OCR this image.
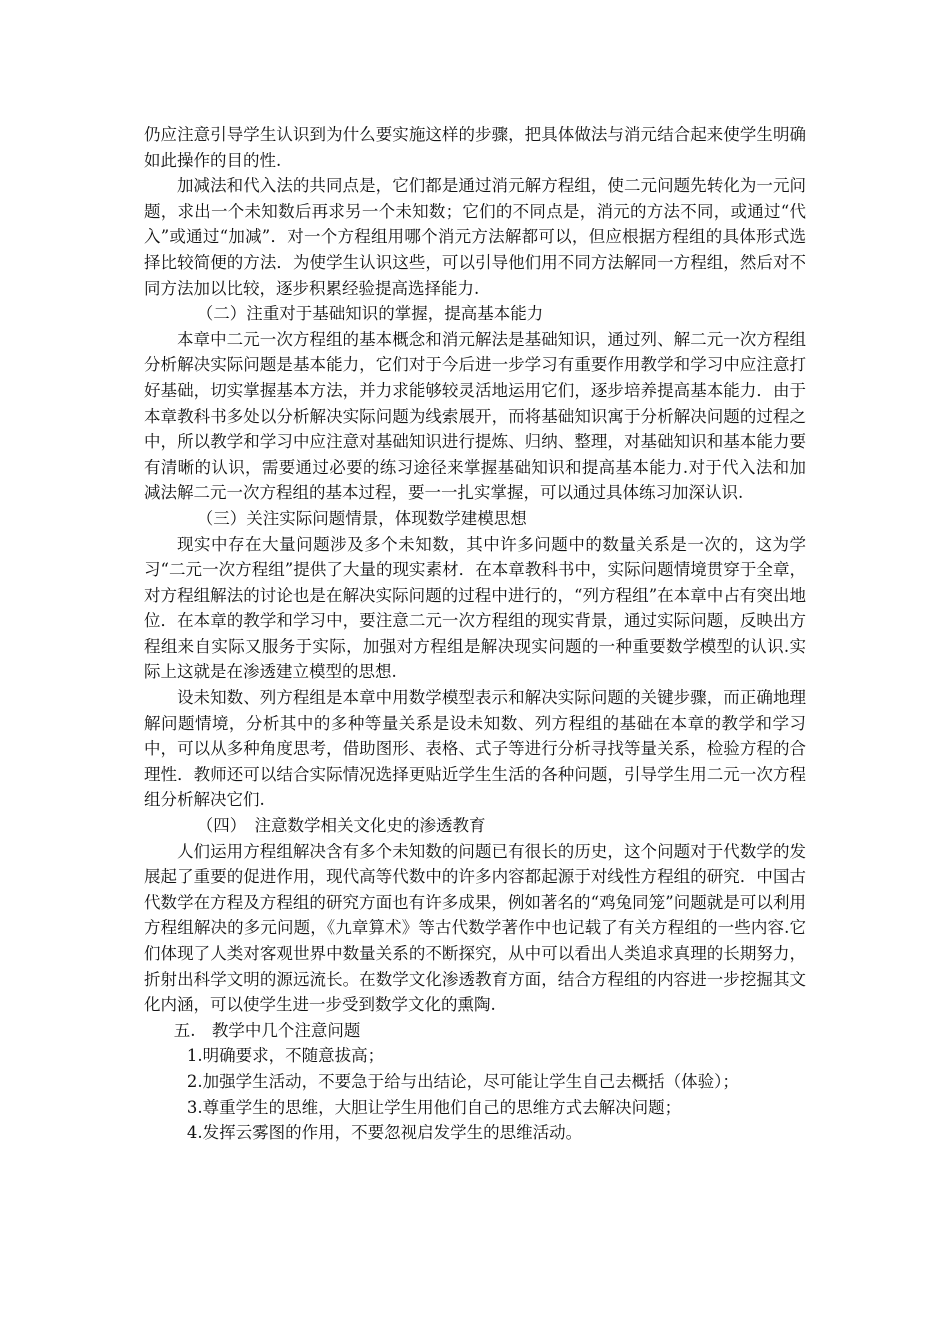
仍应注意引导学生认识到为什么要实施这样的步骤，把具体做法与消元结合起来使学生明确如此操作的目的性.

加减法和代入法的共同点是，它们都是通过消元解方程组，使二元问题先转化为一元问题，求出一个未知数后再求另一个未知数；它们的不同点是，消元的方法不同，或通过“代入”或通过“加减”．对一个方程组用哪个消元方法解都可以，但应根据方程组的具体形式选择比较简便的方法．为使学生认识这些，可以引导他们用不同方法解同一方程组，然后对不同方法加以比较，逐步积累经验提高选择能力.

（二）注重对于基础知识的掌握，提高基本能力

本章中二元一次方程组的基本概念和消元解法是基础知识，通过列、解二元一次方程组分析解决实际问题是基本能力，它们对于今后进一步学习有重要作用教学和学习中应注意打好基础，切实掌握基本方法，并力求能够较灵活地运用它们，逐步培养提高基本能力．由于本章教科书多处以分析解决实际问题为线索展开，而将基础知识寓于分析解决问题的过程之中，所以教学和学习中应注意对基础知识进行提炼、归纳、整理，对基础知识和基本能力要有清晰的认识，需要通过必要的练习途径来掌握基础知识和提高基本能力.对于代入法和加减法解二元一次方程组的基本过程，要一一扎实掌握，可以通过具体练习加深认识.

（三）关注实际问题情景，体现数学建模思想

现实中存在大量问题涉及多个未知数，其中许多问题中的数量关系是一次的，这为学习“二元一次方程组”提供了大量的现实素材．在本章教科书中，实际问题情境贯穿于全章，对方程组解法的讨论也是在解决实际问题的过程中进行的，“列方程组”在本章中占有突出地位．在本章的教学和学习中，要注意二元一次方程组的现实背景，通过实际问题，反映出方程组来自实际又服务于实际，加强对方程组是解决现实问题的一种重要数学模型的认识.实际上这就是在渗透建立模型的思想.

设未知数、列方程组是本章中用数学模型表示和解决实际问题的关键步骤，而正确地理解问题情境，分析其中的多种等量关系是设未知数、列方程组的基础在本章的教学和学习中，可以从多种角度思考，借助图形、表格、式子等进行分析寻找等量关系，检验方程的合理性．教师还可以结合实际情况选择更贴近学生生活的各种问题，引导学生用二元一次方程组分析解决它们.

（四）　注意数学相关文化史的渗透教育

人们运用方程组解决含有多个未知数的问题已有很长的历史，这个问题对于代数学的发展起了重要的促进作用，现代高等代数中的许多内容都起源于对线性方程组的研究．中国古代数学在方程及方程组的研究方面也有许多成果，例如著名的“鸡兔同笼”问题就是可以利用方程组解决的多元问题，《九章算术》等古代数学著作中也记载了有关方程组的一些内容.它们体现了人类对客观世界中数量关系的不断探究，从中可以看出人类追求真理的长期努力，折射出科学文明的源远流长。在数学文化渗透教育方面，结合方程组的内容进一步挖掘其文化内涵，可以使学生进一步受到数学文化的熏陶.

五.　教学中几个注意问题

1.明确要求，不随意拔高；

2.加强学生活动，不要急于给与出结论，尽可能让学生自己去概括（体验）；

3.尊重学生的思维，大胆让学生用他们自己的思维方式去解决问题；

4.发挥云雾图的作用，不要忽视启发学生的思维活动。
